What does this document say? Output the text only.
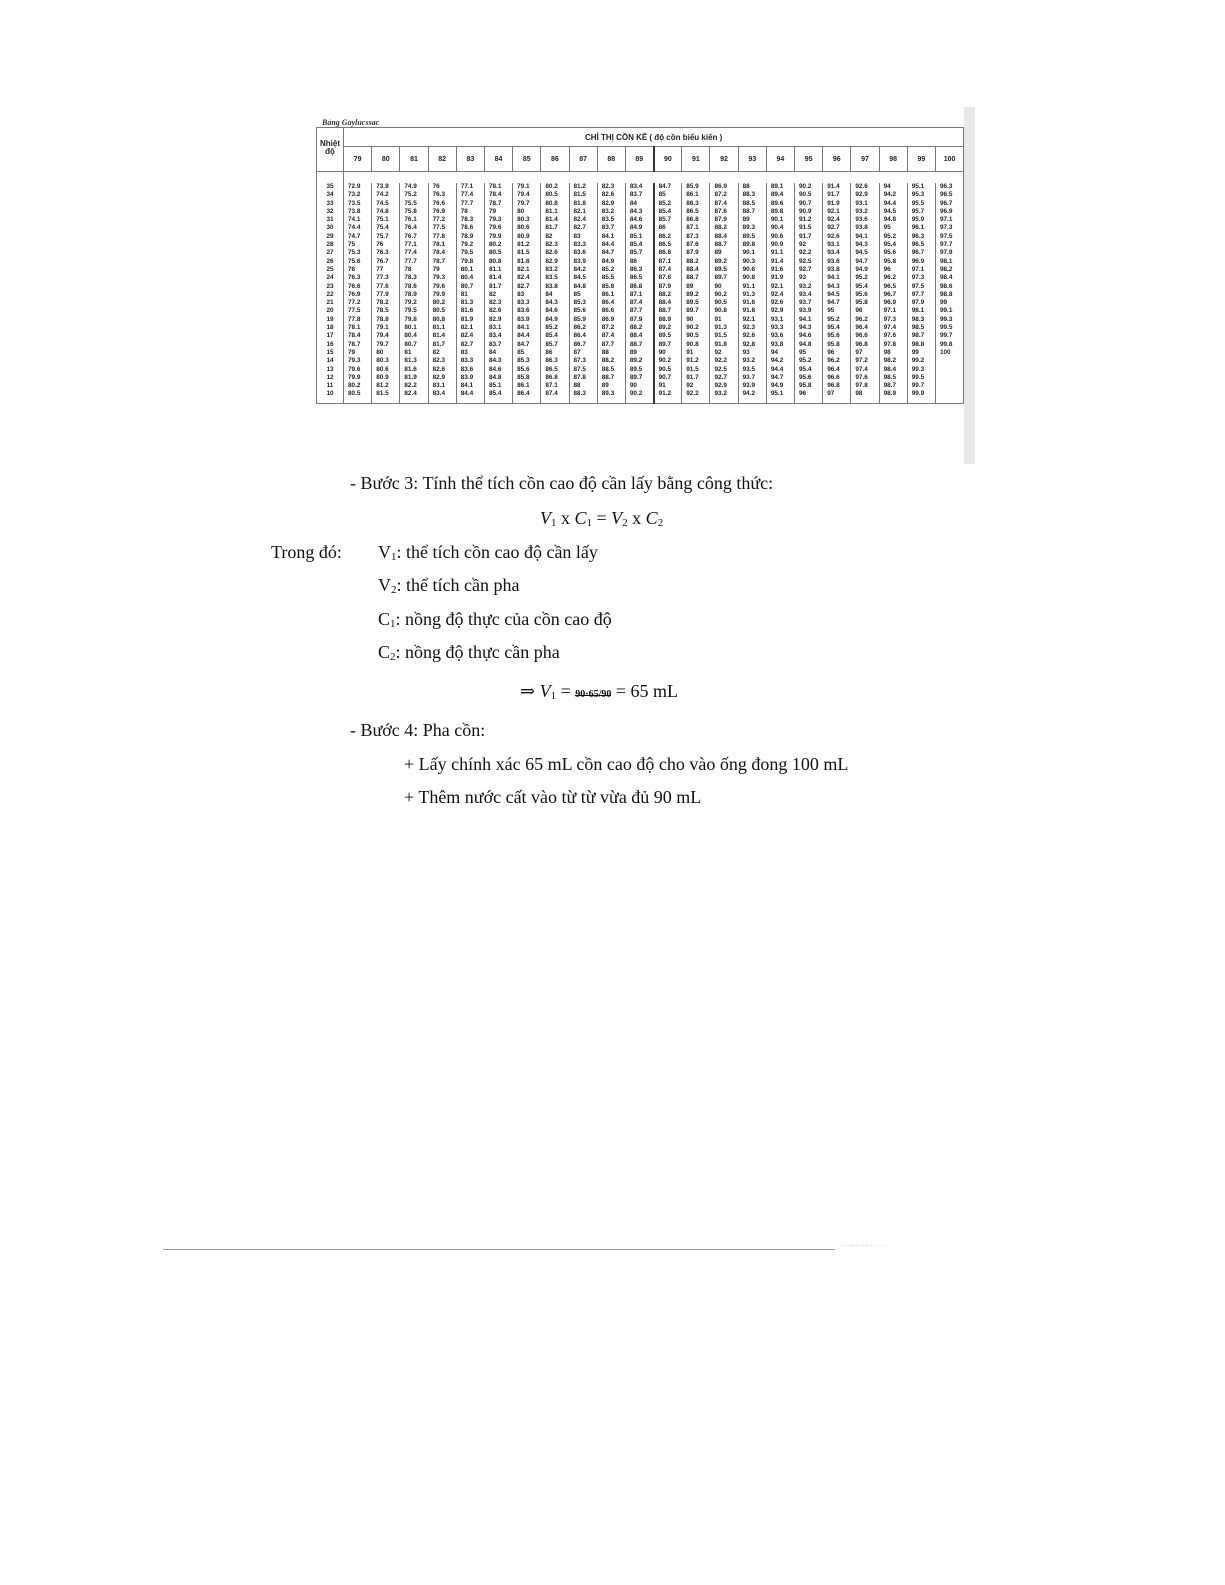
Bảng Gaylucssac
Nhiệt độ	CHỈ THỊ CỒN KẾ ( độ cồn biểu kiến )																					
	79	80	81	82	83	84	85	86	87	88	89	90	91	92	93	94	95	96	97	98	99	100

35	72.9	73.9	74.9	76	77.1	78.1	79.1	80.2	81.2	82.3	83.4	84.7	85.9	86.9	88	89.1	90.2	91.4	92.6	94	95.1	96.3
34	73.2	74.2	75.2	76.3	77.4	78.4	79.4	80.5	81.5	82.6	83.7	85	86.1	87.2	88.3	89.4	90.5	91.7	92.9	94.2	95.3	96.5
33	73.5	74.5	75.5	76.6	77.7	78.7	79.7	80.8	81.8	82.9	84	85.2	86.3	87.4	88.5	89.6	90.7	91.9	93.1	94.4	95.5	96.7
32	73.8	74.8	75.8	76.9	78	79	80	81.1	82.1	83.2	84.3	85.4	86.5	87.6	88.7	89.8	90.9	92.1	93.2	94.5	95.7	96.9
31	74.1	75.1	76.1	77.2	78.3	79.3	80.3	81.4	82.4	83.5	84.6	85.7	86.8	87.9	89	90.1	91.2	92.4	93.6	94.8	95.9	97.1
30	74.4	75.4	76.4	77.5	78.6	79.6	80.6	81.7	82.7	83.7	84.9	86	87.1	88.2	89.3	90.4	91.5	92.7	93.8	95	96.1	97.3
29	74.7	75.7	76.7	77.8	78.9	79.9	80.9	82	83	84.1	85.1	86.2	87.3	88.4	89.5	90.6	91.7	92.6	94.1	95.2	96.3	97.5
28	75	76	77.1	78.1	79.2	80.2	81.2	82.3	83.3	84.4	85.4	86.5	87.6	88.7	89.8	90.9	92	93.1	94.3	95.4	96.5	97.7
27	75.3	76.3	77.4	78.4	79.5	80.5	81.5	82.6	83.6	84.7	85.7	86.8	87.9	89	90.1	91.1	92.2	93.4	94.5	95.6	96.7	97.9
26	75.6	76.7	77.7	78.7	79.8	80.8	81.8	82.9	83.9	84.9	86	87.1	88.2	89.2	90.3	91.4	92.5	93.6	94.7	95.8	96.9	98.1
25	76	77	78	79	80.1	81.1	82.1	83.2	84.2	85.2	86.3	87.4	88.4	89.5	90.6	91.6	92.7	93.8	94.9	96	97.1	98.2
24	76.3	77.3	78.3	79.3	80.4	81.4	82.4	83.5	84.5	85.5	86.5	87.6	88.7	89.7	90.8	91.9	93	94.1	95.2	96.2	97.3	98.4
23	76.6	77.6	78.6	79.6	80.7	81.7	82.7	83.8	84.8	85.8	86.8	87.9	89	90	91.1	92.1	93.2	94.3	95.4	96.5	97.5	98.6
22	76.9	77.9	78.9	79.9	81	82	83	84	85	86.1	87.1	88.2	89.2	90.2	91.3	92.4	93.4	94.5	95.6	96.7	97.7	98.8
21	77.2	78.2	79.2	80.2	81.3	82.3	83.3	84.3	85.3	86.4	87.4	88.4	89.5	90.5	91.6	92.6	93.7	94.7	95.8	96.9	97.9	99
20	77.5	78.5	79.5	80.5	81.6	82.6	83.6	84.6	85.6	86.6	87.7	88.7	89.7	90.8	91.8	92.9	93.9	95	96	97.1	98.1	99.1
19	77.8	78.8	79.8	80.8	81.9	82.9	83.9	84.9	85.9	86.9	87.9	88.9	90	91	92.1	93.1	94.1	95.2	96.2	97.3	98.3	99.3
18	78.1	79.1	80.1	81.1	82.1	83.1	84.1	85.2	86.2	87.2	88.2	89.2	90.2	91.3	92.3	93.3	94.3	95.4	96.4	97.4	98.5	99.5
17	78.4	79.4	80.4	81.4	82.4	83.4	84.4	85.4	86.4	87.4	88.4	89.5	90.5	91.5	92.6	93.6	94.6	95.6	96.6	97.6	98.7	99.7
16	78.7	79.7	80.7	81.7	82.7	83.7	84.7	85.7	86.7	87.7	88.7	89.7	90.8	91.8	92.8	93.8	94.8	95.8	96.8	97.8	98.8	99.8
15	79	80	81	82	83	84	85	86	87	88	89	90	91	92	93	94	95	96	97	98	99	100
14	79.3	80.3	81.3	82.3	83.3	84.3	85.3	86.3	87.3	88.2	89.2	90.2	91.2	92.2	93.2	94.2	95.2	96.2	97.2	98.2	99.2	
13	79.6	80.6	81.6	82.6	83.6	84.6	85.6	86.5	87.5	88.5	89.5	90.5	91.5	92.5	93.5	94.4	95.4	96.4	97.4	98.4	99.3	
12	79.9	80.9	81.9	82.9	83.9	84.8	85.8	86.8	87.8	88.7	89.7	90.7	91.7	92.7	93.7	94.7	95.6	96.6	97.6	98.5	99.5	
11	80.2	81.2	82.2	83.1	84.1	85.1	86.1	87.1	88	89	90	91	92	92.9	93.9	94.9	95.8	96.8	97.8	98.7	99.7	
10	80.5	81.5	82.4	83.4	84.4	85.4	86.4	87.4	88.3	89.3	90.2	91.2	92.2	93.2	94.2	95.1	96	97	98	98.9	99.9	
- Bước 3: Tính thể tích cồn cao độ cần lấy bằng công thức:
$V_1$ x $C_1 = V_2$ x $C_2$
Trong đó: $V_1$: thể tích cồn cao độ cần lấy
$V_2$: thể tích cần pha
$C_1$: nồng độ thực của cồn cao độ
$C_2$: nồng độ thực cần pha
⇒ $V_1 = 90\cdot 65/90 = 65$ mL
- Bước 4: Pha cồn:
+ Lấy chính xác 65 mL cồn cao độ cho vào ống đong 100 mL
+ Thêm nước cất vào từ từ vừa đủ 90 mL
· ·· ···· ····· · · · · ·
